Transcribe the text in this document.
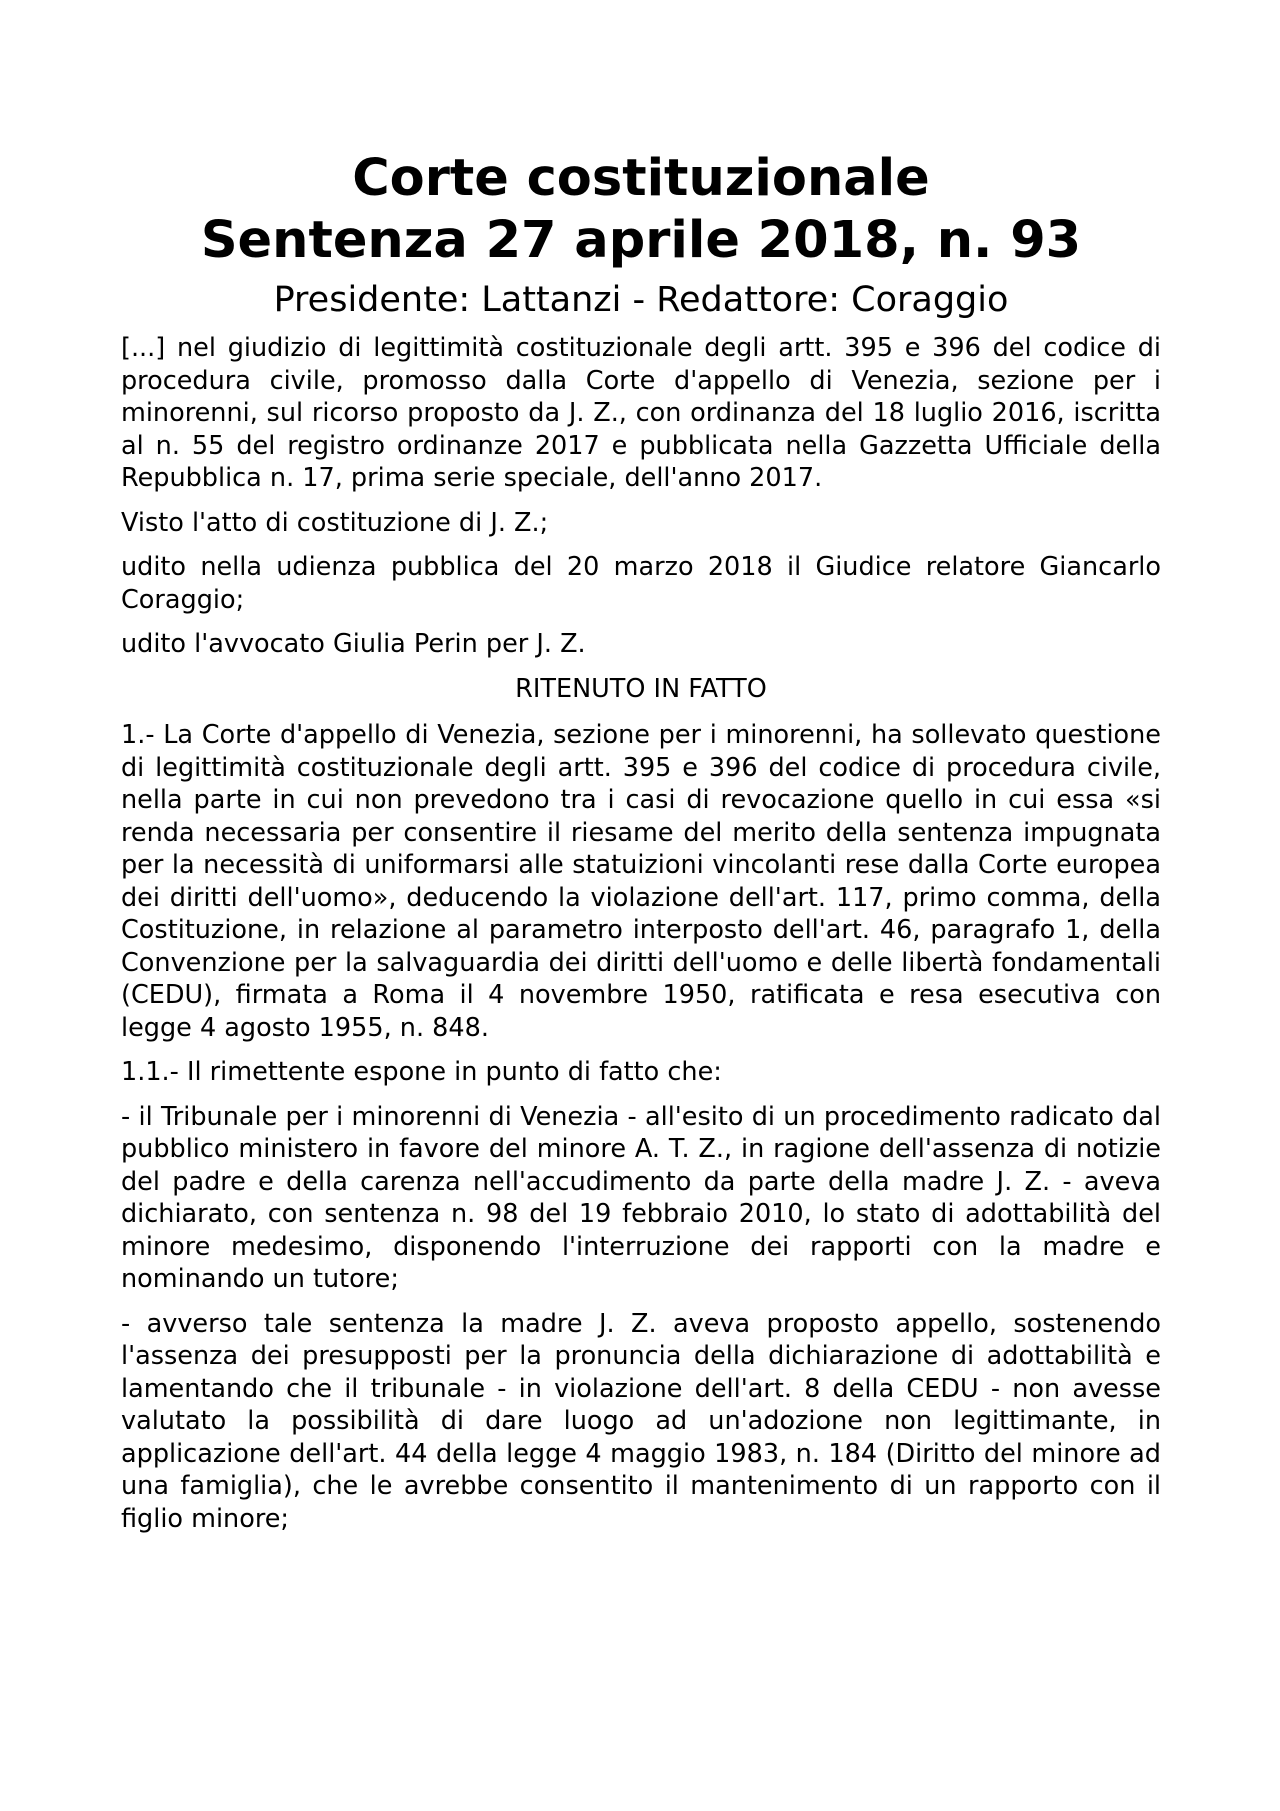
Corte costituzionale
Sentenza 27 aprile 2018, n. 93
Presidente: Lattanzi - Redattore: Coraggio

[...] nel giudizio di legittimità costituzionale degli artt. 395 e 396 del codice di procedura civile, promosso dalla Corte d'appello di Venezia, sezione per i minorenni, sul ricorso proposto da J. Z., con ordinanza del 18 luglio 2016, iscritta al n. 55 del registro ordinanze 2017 e pubblicata nella Gazzetta Ufficiale della Repubblica n. 17, prima serie speciale, dell'anno 2017.

Visto l'atto di costituzione di J. Z.;

udito nella udienza pubblica del 20 marzo 2018 il Giudice relatore Giancarlo Coraggio;

udito l'avvocato Giulia Perin per J. Z.

RITENUTO IN FATTO

1.- La Corte d'appello di Venezia, sezione per i minorenni, ha sollevato questione di legittimità costituzionale degli artt. 395 e 396 del codice di procedura civile, nella parte in cui non prevedono tra i casi di revocazione quello in cui essa «si renda necessaria per consentire il riesame del merito della sentenza impugnata per la necessità di uniformarsi alle statuizioni vincolanti rese dalla Corte europea dei diritti dell'uomo», deducendo la violazione dell'art. 117, primo comma, della Costituzione, in relazione al parametro interposto dell'art. 46, paragrafo 1, della Convenzione per la salvaguardia dei diritti dell'uomo e delle libertà fondamentali (CEDU), firmata a Roma il 4 novembre 1950, ratificata e resa esecutiva con legge 4 agosto 1955, n. 848.

1.1.- Il rimettente espone in punto di fatto che:

- il Tribunale per i minorenni di Venezia - all'esito di un procedimento radicato dal pubblico ministero in favore del minore A. T. Z., in ragione dell'assenza di notizie del padre e della carenza nell'accudimento da parte della madre J. Z. - aveva dichiarato, con sentenza n. 98 del 19 febbraio 2010, lo stato di adottabilità del minore medesimo, disponendo l'interruzione dei rapporti con la madre e nominando un tutore;

- avverso tale sentenza la madre J. Z. aveva proposto appello, sostenendo l'assenza dei presupposti per la pronuncia della dichiarazione di adottabilità e lamentando che il tribunale - in violazione dell'art. 8 della CEDU - non avesse valutato la possibilità di dare luogo ad un'adozione non legittimante, in applicazione dell'art. 44 della legge 4 maggio 1983, n. 184 (Diritto del minore ad una famiglia), che le avrebbe consentito il mantenimento di un rapporto con il figlio minore;
